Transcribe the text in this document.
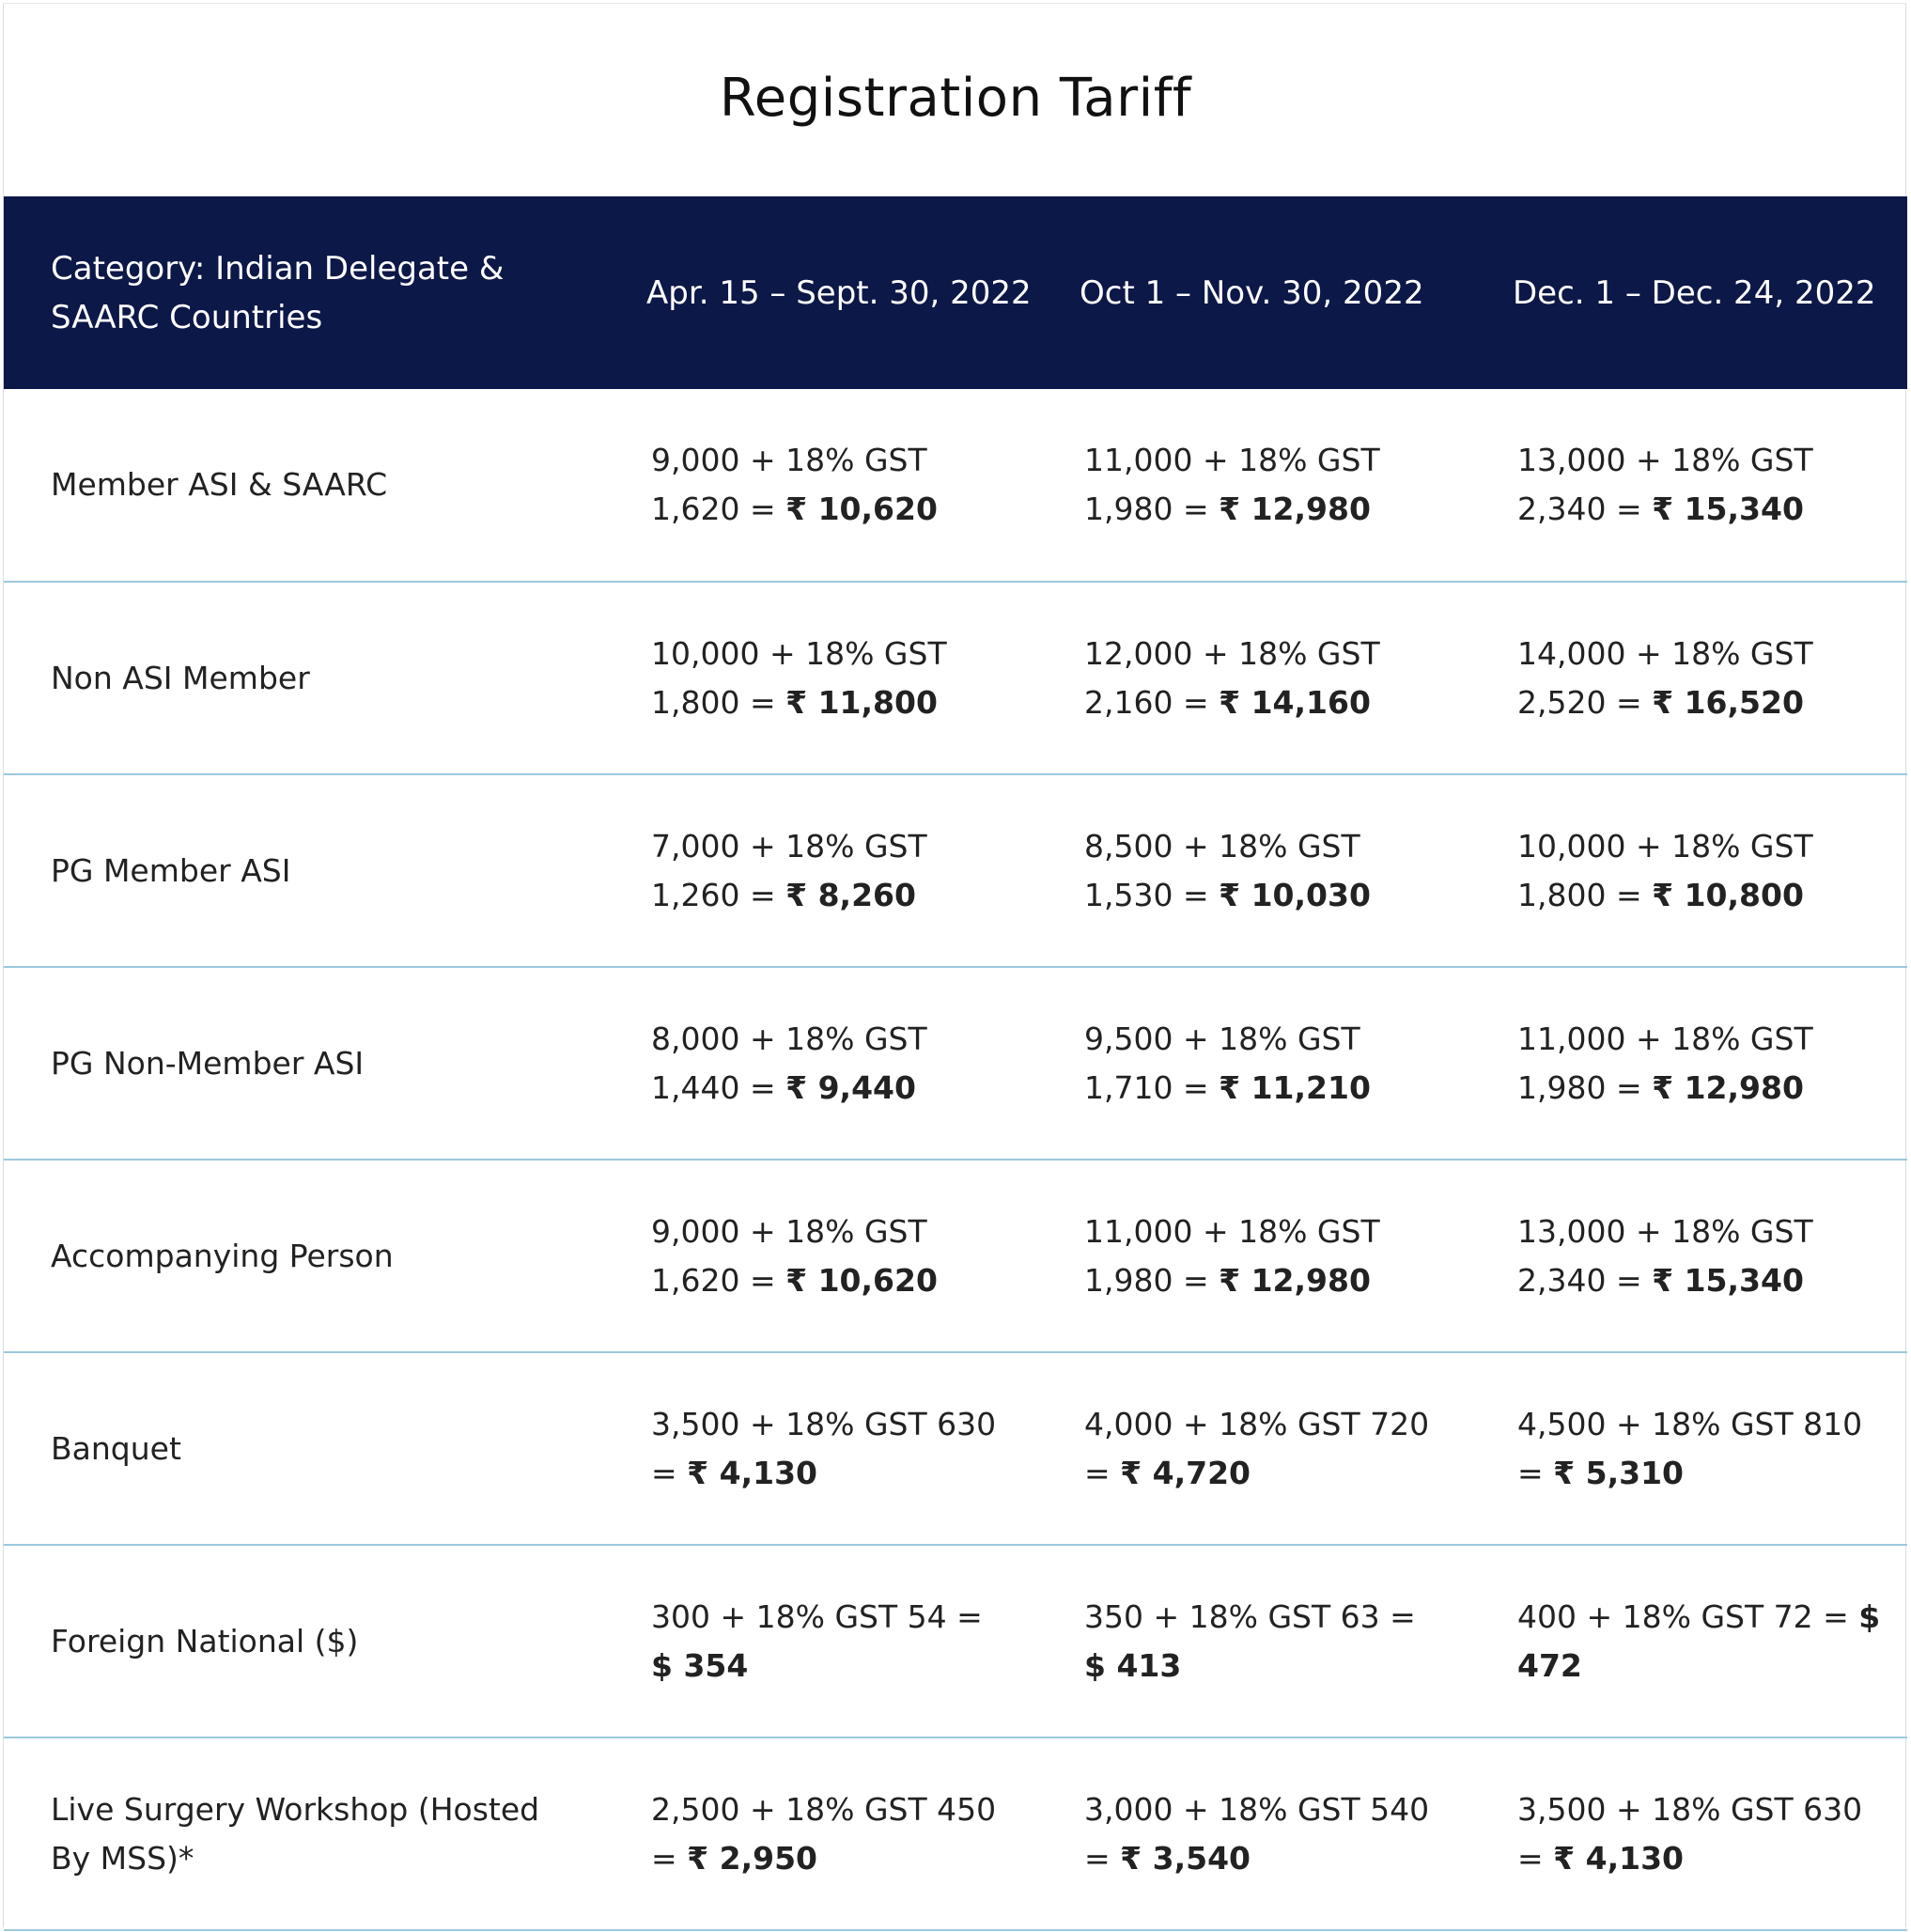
Registration Tariff
Category: Indian Delegate & SAARC Countries	Apr. 15 – Sept. 30, 2022	Oct 1 – Nov. 30, 2022	Dec. 1 – Dec. 24, 2022
Member ASI & SAARC	9,000 + 18% GST 1,620 = ₹ 10,620	11,000 + 18% GST 1,980 = ₹ 12,980	13,000 + 18% GST 2,340 = ₹ 15,340
Non ASI Member	10,000 + 18% GST 1,800 = ₹ 11,800	12,000 + 18% GST 2,160 = ₹ 14,160	14,000 + 18% GST 2,520 = ₹ 16,520
PG Member ASI	7,000 + 18% GST 1,260 = ₹ 8,260	8,500 + 18% GST 1,530 = ₹ 10,030	10,000 + 18% GST 1,800 = ₹ 10,800
PG Non-Member ASI	8,000 + 18% GST 1,440 = ₹ 9,440	9,500 + 18% GST 1,710 = ₹ 11,210	11,000 + 18% GST 1,980 = ₹ 12,980
Accompanying Person	9,000 + 18% GST 1,620 = ₹ 10,620	11,000 + 18% GST 1,980 = ₹ 12,980	13,000 + 18% GST 2,340 = ₹ 15,340
Banquet	3,500 + 18% GST 630 = ₹ 4,130	4,000 + 18% GST 720 = ₹ 4,720	4,500 + 18% GST 810 = ₹ 5,310
Foreign National ($)	300 + 18% GST 54 = $ 354	350 + 18% GST 63 = $ 413	400 + 18% GST 72 = $ 472
Live Surgery Workshop (Hosted By MSS)*	2,500 + 18% GST 450 = ₹ 2,950	3,000 + 18% GST 540 = ₹ 3,540	3,500 + 18% GST 630 = ₹ 4,130
